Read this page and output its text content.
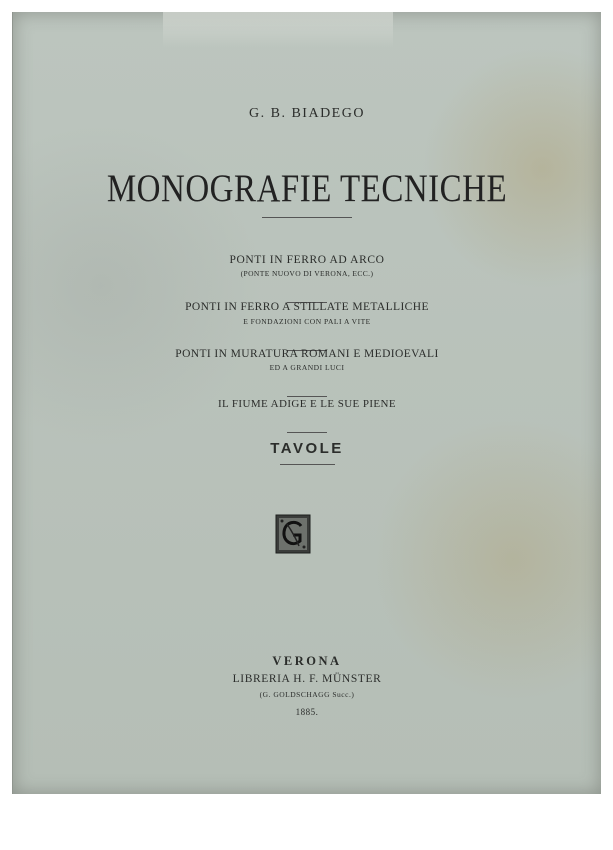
G. B. BIADEGO
MONOGRAFIE TECNICHE
PONTI IN FERRO AD ARCO
(PONTE NUOVO DI VERONA, ECC.)
PONTI IN FERRO A STILLATE METALLICHE
E FONDAZIONI CON PALI A VITE
PONTI IN MURATURA ROMANI E MEDIOEVALI
ED A GRANDI LUCI
IL FIUME ADIGE E LE SUE PIENE
TAVOLE
VERONA
LIBRERIA H. F. MÜNSTER
(G. GOLDSCHAGG Succ.)
1885.
